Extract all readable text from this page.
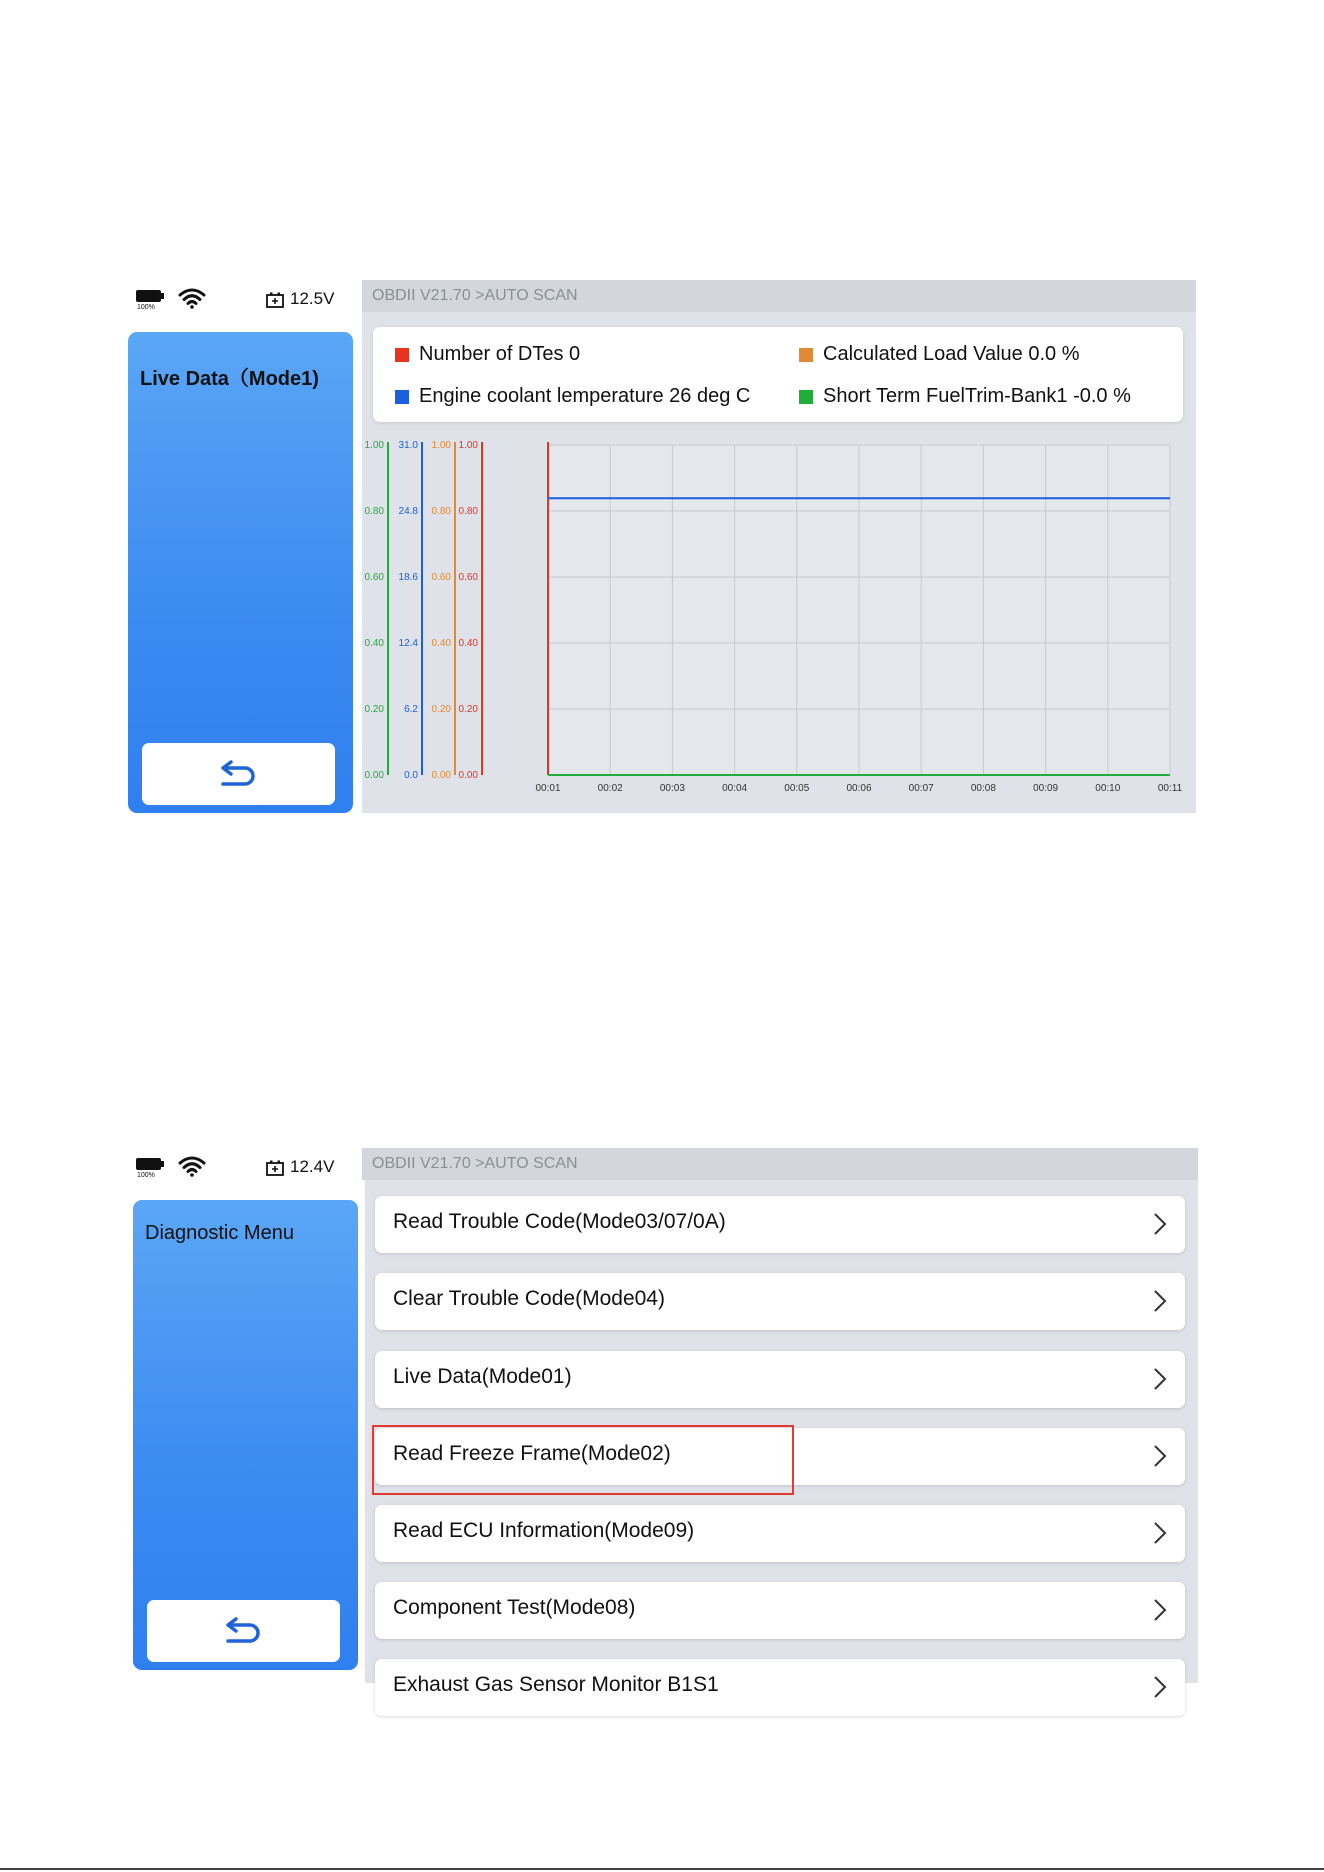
100%	12.5V	OBDII V21.70 >AUTO SCAN
Live Data（Mode1)
Number of DTes 0	Calculated Load Value 0.0 %
Engine coolant lemperature 26 deg C	Short Term FuelTrim-Bank1 -0.0 %
0.00
0.20
0.40
0.60
0.80
1.00
0.0
6.2
12.4
18.6
24.8
31.0
0.00
0.20
0.40
0.60
0.80
1.00
0.00
0.20
0.40
0.60
0.80
1.00
00:01	00:02	00:03	00:04	00:05	00:06	00:07	00:08	00:09	00:10	00:11
100%	12.4V	OBDII V21.70 >AUTO SCAN
Diagnostic Menu	Read Trouble Code(Mode03/07/0A)
Clear Trouble Code(Mode04)
Live Data(Mode01)
Read Freeze Frame(Mode02)
Read ECU Information(Mode09)
Component Test(Mode08)
Exhaust Gas Sensor Monitor B1S1
